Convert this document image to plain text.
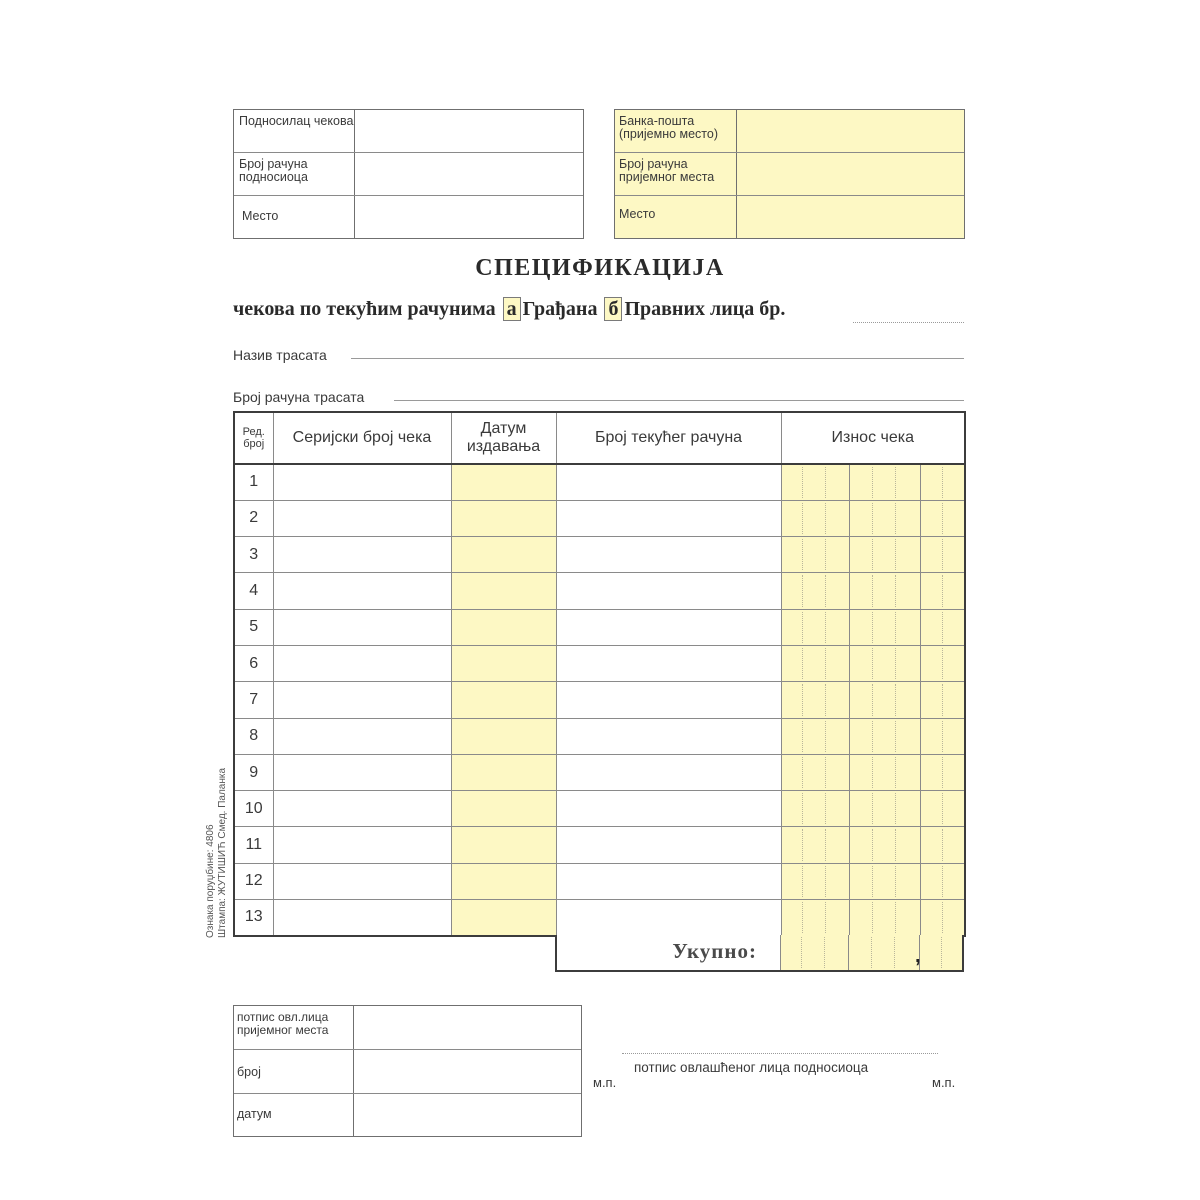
Подносилац чекова
Број рачуна подносиоца
Место
Банка-пошта (пријемно место)
Број рачуна пријемног места
Место
СПЕЦИФИКАЦИЈА
чекова по текућим рачунима а Грађана б Правних лица бр.
Назив трасата
Број рачуна трасата
Ред. број	Серијски број чека	Датум издавања	Број текућег рачуна	Износ чека
1				

2				

3				

4				

5				

6				

7				

8				

9				

10				

11				

12				

13				
Укупно:	,
Ознака поруџбине: 4806 Штампа: ЖУТИШИЋ Смед. Паланка
потпис овл.лица пријемног места
број
датум
потпис овлашћеног лица подносиоца
м.п.	м.п.
